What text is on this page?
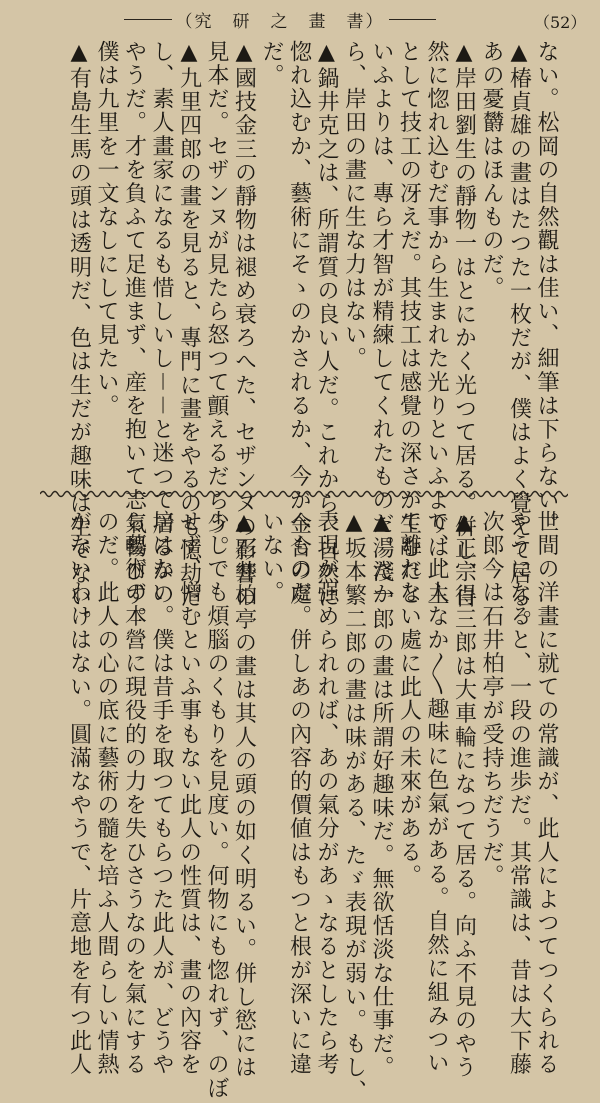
（究　研　之　畫　書）	（52）
ない。松岡の自然觀は佳い、細筆は下らない。
▲椿貞雄の畫はたつた一枚だが、僕はよく覺えて居る。
あの憂欝はほんものだ。
▲岸田劉生の靜物一はとにかく光つて居る。併し、自
然に惚れ込むだ事から生まれた光りといふよりは、主
として技工の冴えだ。其技工は感覺の深さが生むだと
いふよりは、專ら才智が精練してくれたものだ。だか
ら、岸田の畫に生な力はない。
▲鍋井克之は、所謂質の良い人だ。これから、自然に
惚れ込むか、藝術にそゝのかされるか、今が金合の處
だ。
▲國技金三の靜物は褪め衰ろへた、セザンヌの影響の
見本だ。セザンヌが見たら怒つて顫えるだらう。
▲九里四郎の畫を見ると、專門に畫をやるのも憶劫だ
し、素人畫家になるも惜しいし－－と迷つて居るかの
やうだ。才を負ふて足進まず、産を抱いて志氣暢びず。
僕は九里を一文なしにして見たい。
▲有島生馬の頭は透明だ、色は生だが趣味は生でない。
世間の洋畫に就ての常識が、此人によつてつくられる
やうになると、一段の進歩だ。其常識は、昔は大下藤
次郎今は石井柏亭が受持ちだうだ。
▲正宗得三郎は大車輪になつて居る。向ふ不見のやう
で、此人なか〳〵趣味に色氣がある。自然に組みつい
て離れない處に此人の未來がある。
▲湯淺一郎の畫は所謂好趣味だ。無欲恬淡な仕事だ。
▲坂本繁二郎の畫は味がある、たゞ表現が弱い。もし、
表現が强められれば、あの氣分があゝなるとしたら考
へものだ。併しあの內容的價値はもつと根が深いに違
いない。
▲石井柏亭の畫は其人の頭の如く明るい。併し慾には
少しでも煩腦のくもりを見度い。何物にも惚れず、のぼ
せず、憎むといふ事もない此人の性質は、畫の內容を
培はない。僕は昔手を取つてもらつた此人が、どうや
ら藝術の本營に現役的の力を失ひさうなのを氣にする
のだ。此人の心の底に藝術の髓を培ふ人間らしい情熱
がないわけはない。圓滿なやうで、片意地を有つ此人
